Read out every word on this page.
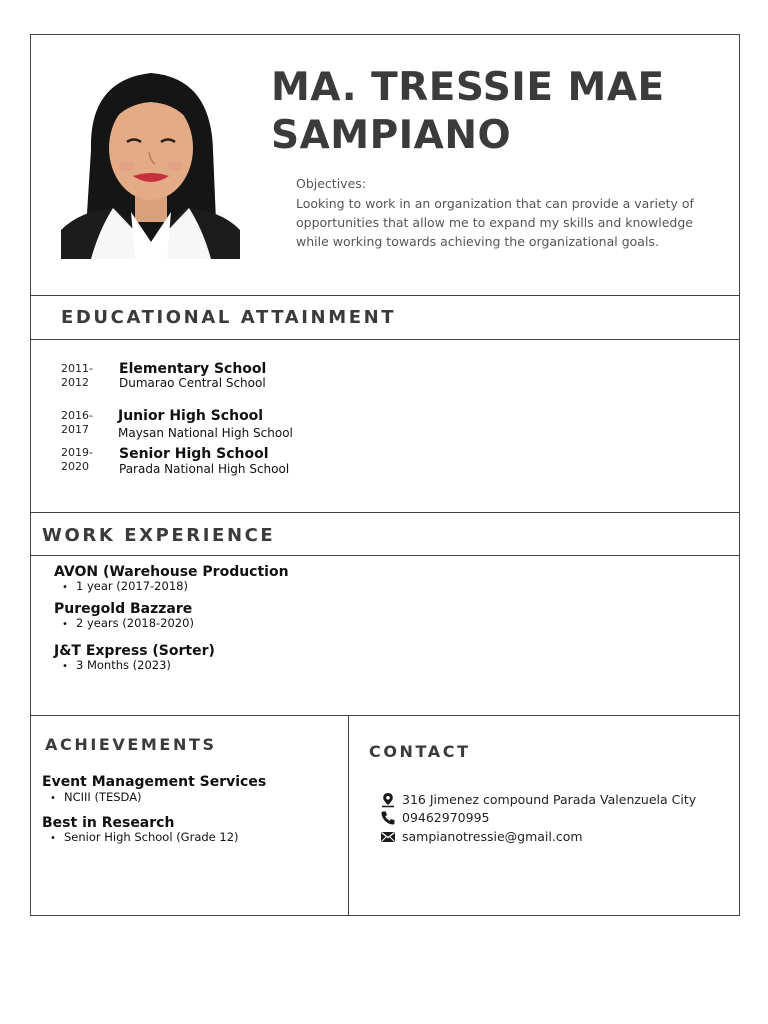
MA. TRESSIE MAE SAMPIANO
Objectives:
Looking to work in an organization that can provide a variety of opportunities that allow me to expand my skills and knowledge while working towards achieving the organizational goals.
EDUCATIONAL ATTAINMENT
2011-
2012
Elementary School
Dumarao Central School
2016-
2017
Junior High School
Maysan National High School
2019-
2020
Senior High School
Parada National High School
WORK EXPERIENCE
AVON (Warehouse Production
• 1 year (2017-2018)
Puregold Bazzare
• 2 years (2018-2020)
J&T Express (Sorter)
• 3 Months (2023)
ACHIEVEMENTS
Event Management Services
• NCIII (TESDA)
Best in Research
• Senior High School (Grade 12)
CONTACT
316 Jimenez compound Parada Valenzuela City
09462970995
sampianotressie@gmail.com
